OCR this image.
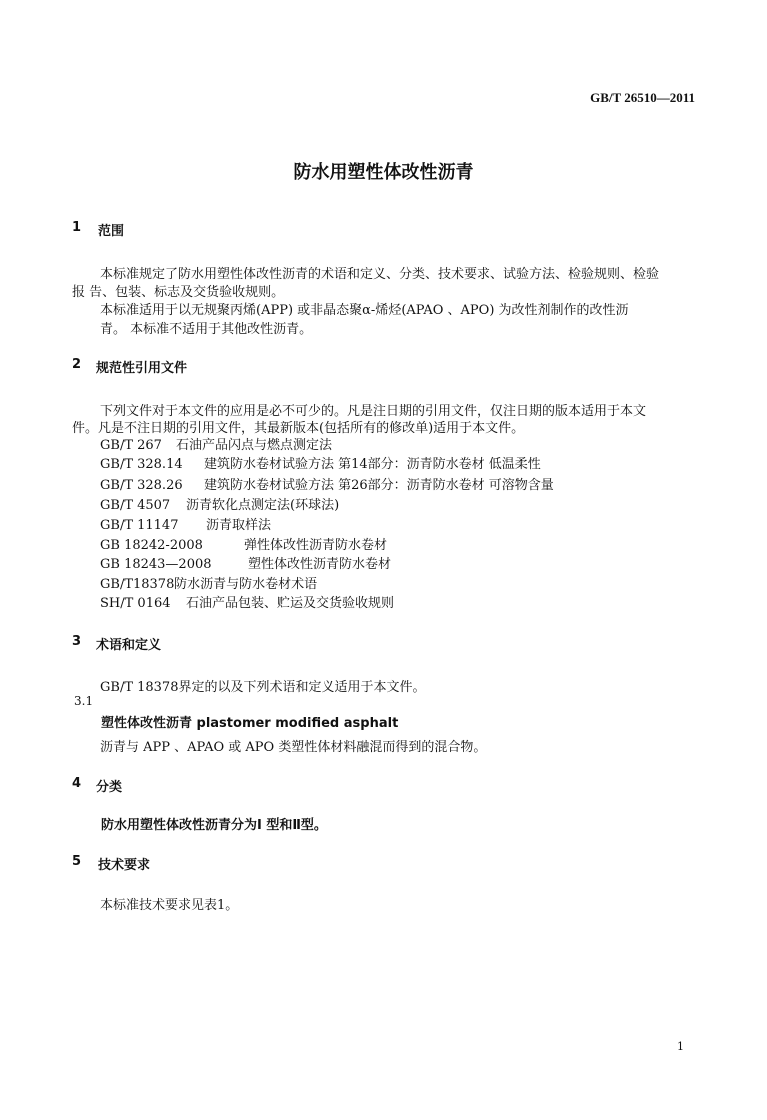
GB/T 26510—2011
防水用塑性体改性沥青
1 范围
本标准规定了防水用塑性体改性沥青的术语和定义、分类、技术要求、试验方法、检验规则、检验
报 告、包装、标志及交货验收规则。
本标准适用于以无规聚丙烯(APP) 或非晶态聚α-烯烃(APAO 、APO) 为改性剂制作的改性沥
青。 本标准不适用于其他改性沥青。
2 规范性引用文件
下列文件对于本文件的应用是必不可少的。凡是注日期的引用文件，仅注日期的版本适用于本文
件。凡是不注日期的引用文件，其最新版本(包括所有的修改单)适用于本文件。
GB/T 267 石油产品闪点与燃点测定法
GB/T 328.14 建筑防水卷材试验方法 第14部分：沥青防水卷材 低温柔性
GB/T 328.26 建筑防水卷材试验方法 第26部分：沥青防水卷材 可溶物含量
GB/T 4507 沥青软化点测定法(环球法)
GB/T 11147 沥青取样法
GB 18242-2008	弹性体改性沥青防水卷材
GB 18243—2008	塑性体改性沥青防水卷材
GB/T18378 防水沥青与防水卷材术语
SH/T 0164 石油产品包装、贮运及交货验收规则
3 术语和定义
GB/T 18378界定的以及下列术语和定义适用于本文件。
3.1
塑性体改性沥青 plastomer modified asphalt
沥青与 APP 、APAO 或 APO 类塑性体材料融混而得到的混合物。
4 分类
防水用塑性体改性沥青分为Ⅰ 型和Ⅱ型。
5 技术要求
本标准技术要求见表1。
1
